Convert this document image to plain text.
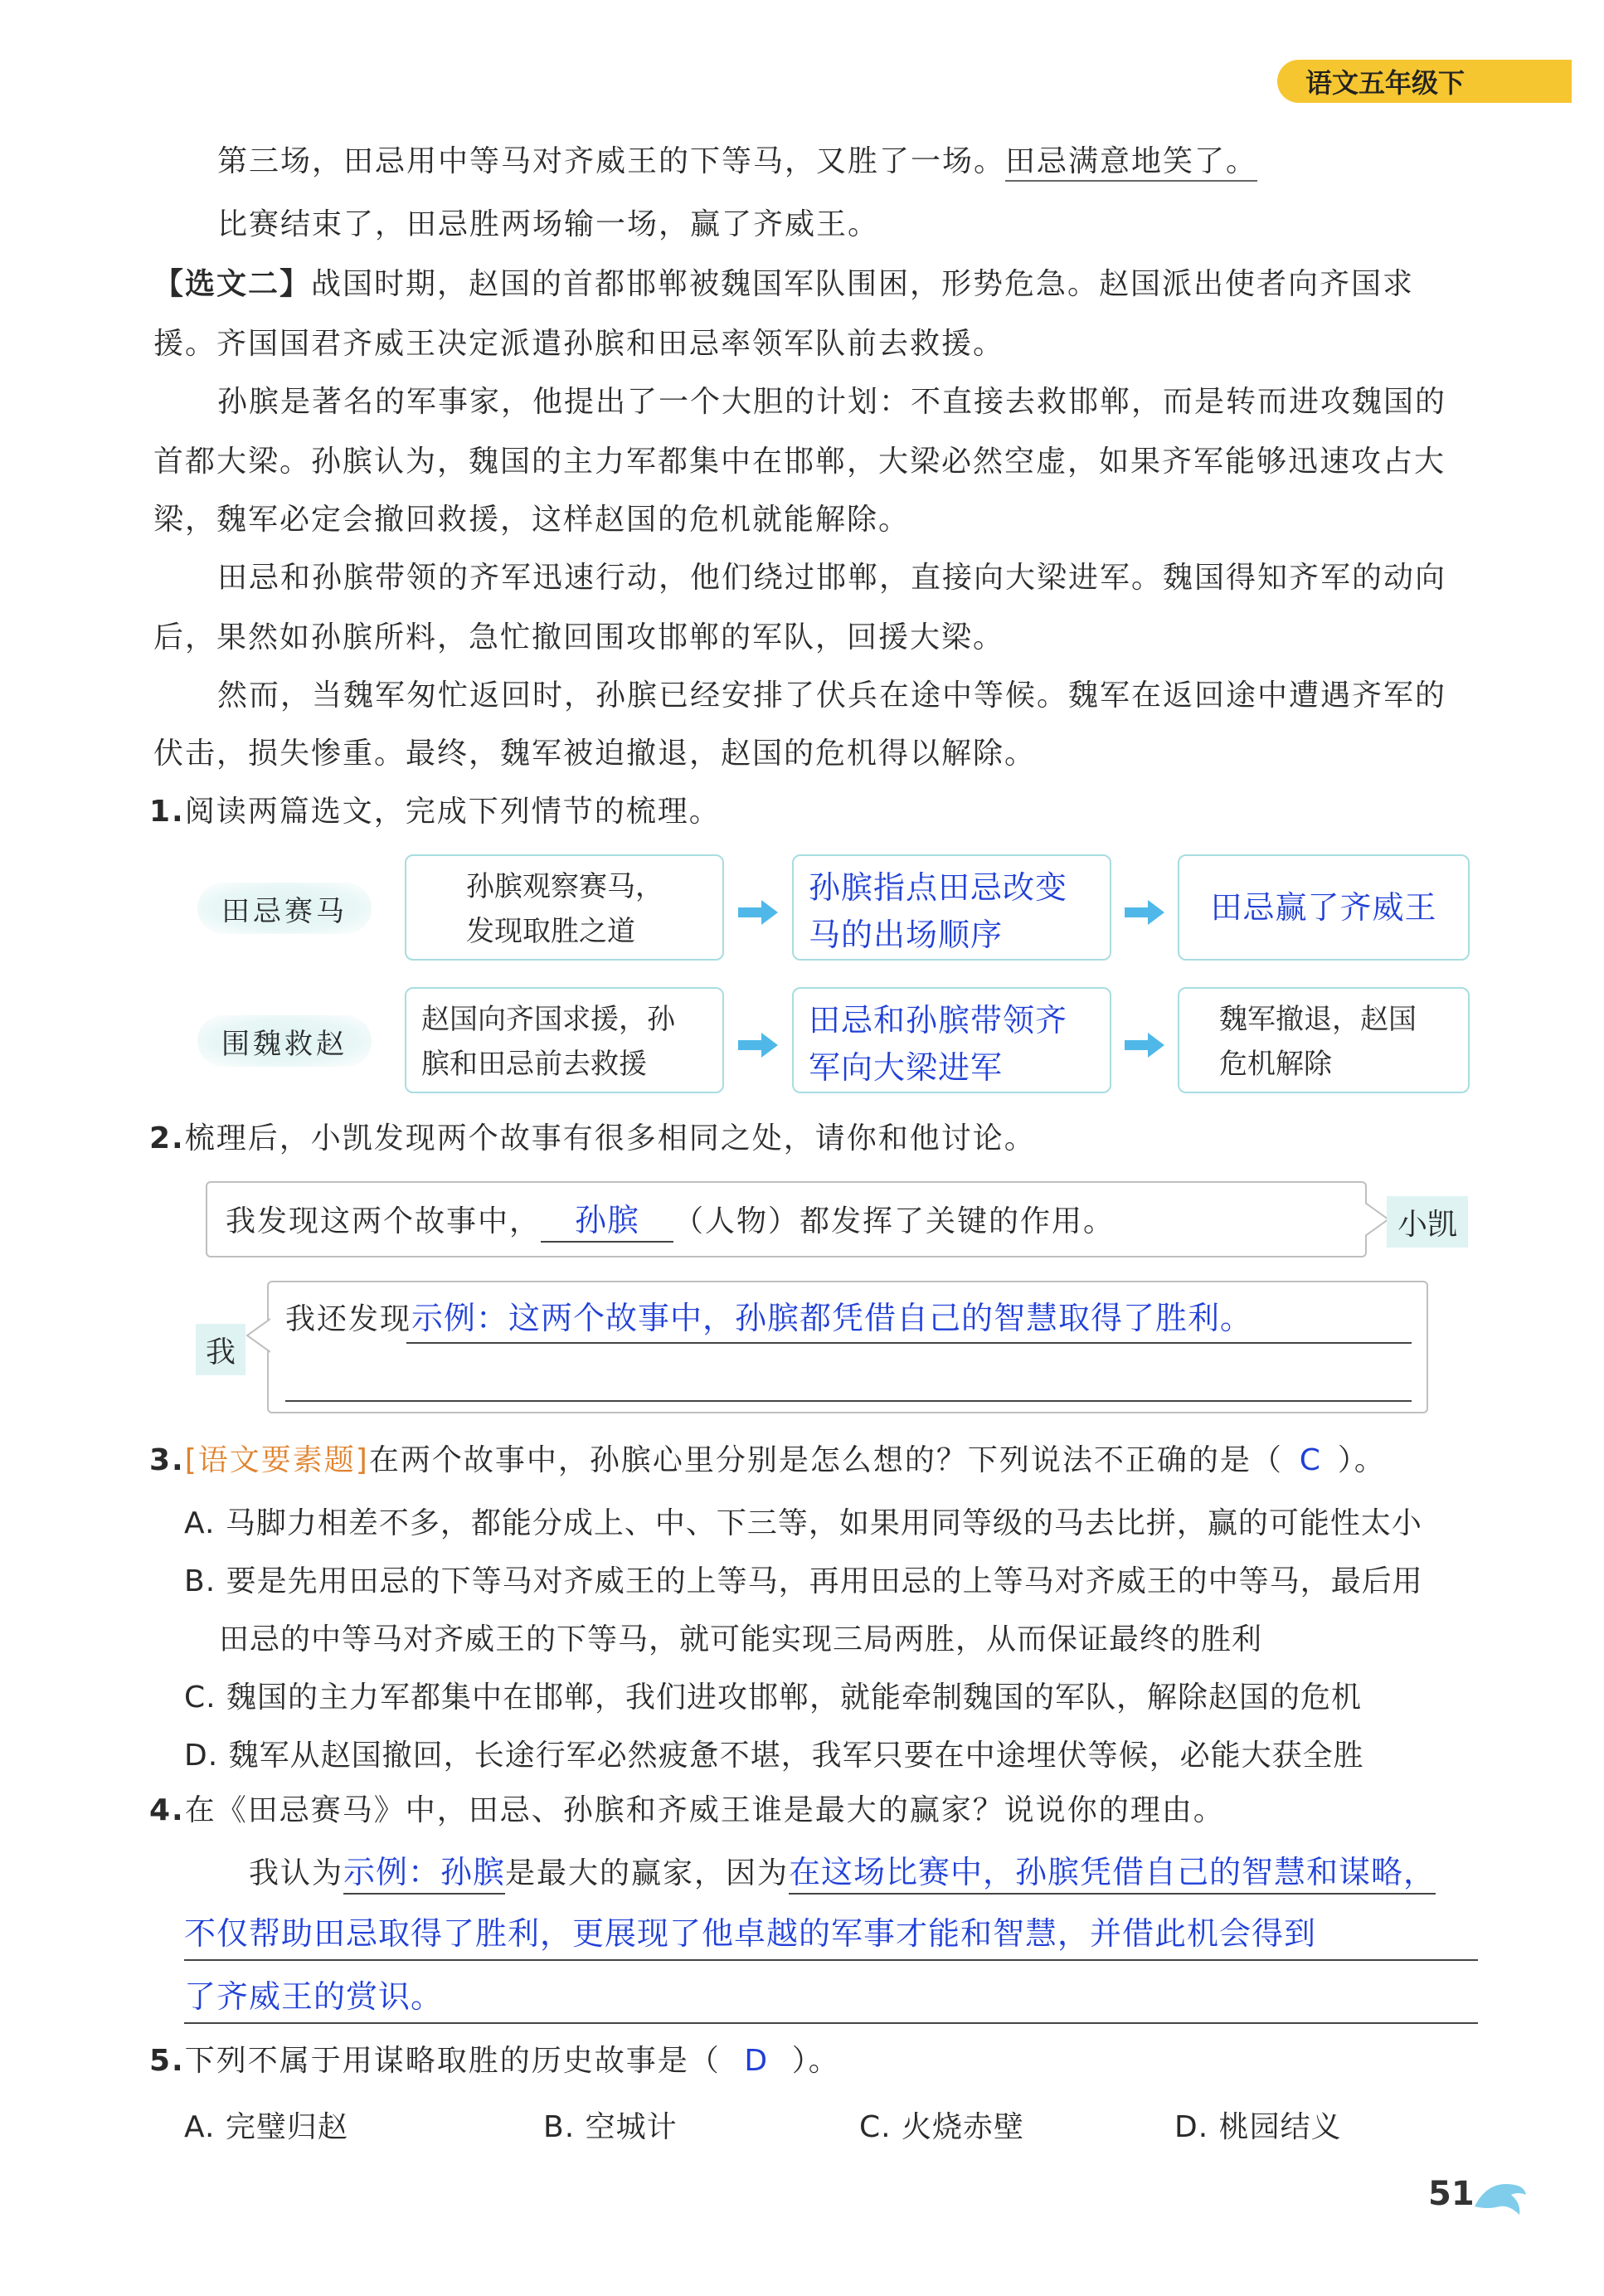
语文五年级下
第三场，田忌用中等马对齐威王的下等马，又胜了一场。田忌满意地笑了。
比赛结束了，田忌胜两场输一场，赢了齐威王。
【选文二】战国时期，赵国的首都邯郸被魏国军队围困，形势危急。赵国派出使者向齐国求
援。齐国国君齐威王决定派遣孙膑和田忌率领军队前去救援。
孙膑是著名的军事家，他提出了一个大胆的计划：不直接去救邯郸，而是转而进攻魏国的
首都大梁。孙膑认为，魏国的主力军都集中在邯郸，大梁必然空虚，如果齐军能够迅速攻占大
梁，魏军必定会撤回救援，这样赵国的危机就能解除。
田忌和孙膑带领的齐军迅速行动，他们绕过邯郸，直接向大梁进军。魏国得知齐军的动向
后，果然如孙膑所料，急忙撤回围攻邯郸的军队，回援大梁。
然而，当魏军匆忙返回时，孙膑已经安排了伏兵在途中等候。魏军在返回途中遭遇齐军的
伏击，损失惨重。最终，魏军被迫撤退，赵国的危机得以解除。
1.阅读两篇选文，完成下列情节的梳理。
田忌赛马
孙膑观察赛马，
发现取胜之道
孙膑指点田忌改变
马的出场顺序
田忌赢了齐威王
围魏救赵
赵国向齐国求援，孙
膑和田忌前去救援
田忌和孙膑带领齐
军向大梁进军
魏军撤退，赵国
危机解除
2.梳理后，小凯发现两个故事有很多相同之处，请你和他讨论。
我发现这两个故事中， 孙膑 （人物）都发挥了关键的作用。	小凯
我
我还发现示例：这两个故事中，孙膑都凭借自己的智慧取得了胜利。
3.[语文要素题]在两个故事中，孙膑心里分别是怎么想的？下列说法不正确的是（ C ）。
A. 马脚力相差不多，都能分成上、中、下三等，如果用同等级的马去比拼，赢的可能性太小
B. 要是先用田忌的下等马对齐威王的上等马，再用田忌的上等马对齐威王的中等马，最后用
田忌的中等马对齐威王的下等马，就可能实现三局两胜，从而保证最终的胜利
C. 魏国的主力军都集中在邯郸，我们进攻邯郸，就能牵制魏国的军队，解除赵国的危机
D. 魏军从赵国撤回，长途行军必然疲惫不堪，我军只要在中途埋伏等候，必能大获全胜
4.在《田忌赛马》中，田忌、孙膑和齐威王谁是最大的赢家？说说你的理由。
我认为示例：孙膑是最大的赢家，因为在这场比赛中，孙膑凭借自己的智慧和谋略，
不仅帮助田忌取得了胜利，更展现了他卓越的军事才能和智慧，并借此机会得到
了齐威王的赏识。
5.下列不属于用谋略取胜的历史故事是（ D ）。
A. 完璧归赵	B. 空城计	C. 火烧赤壁	D. 桃园结义
51
